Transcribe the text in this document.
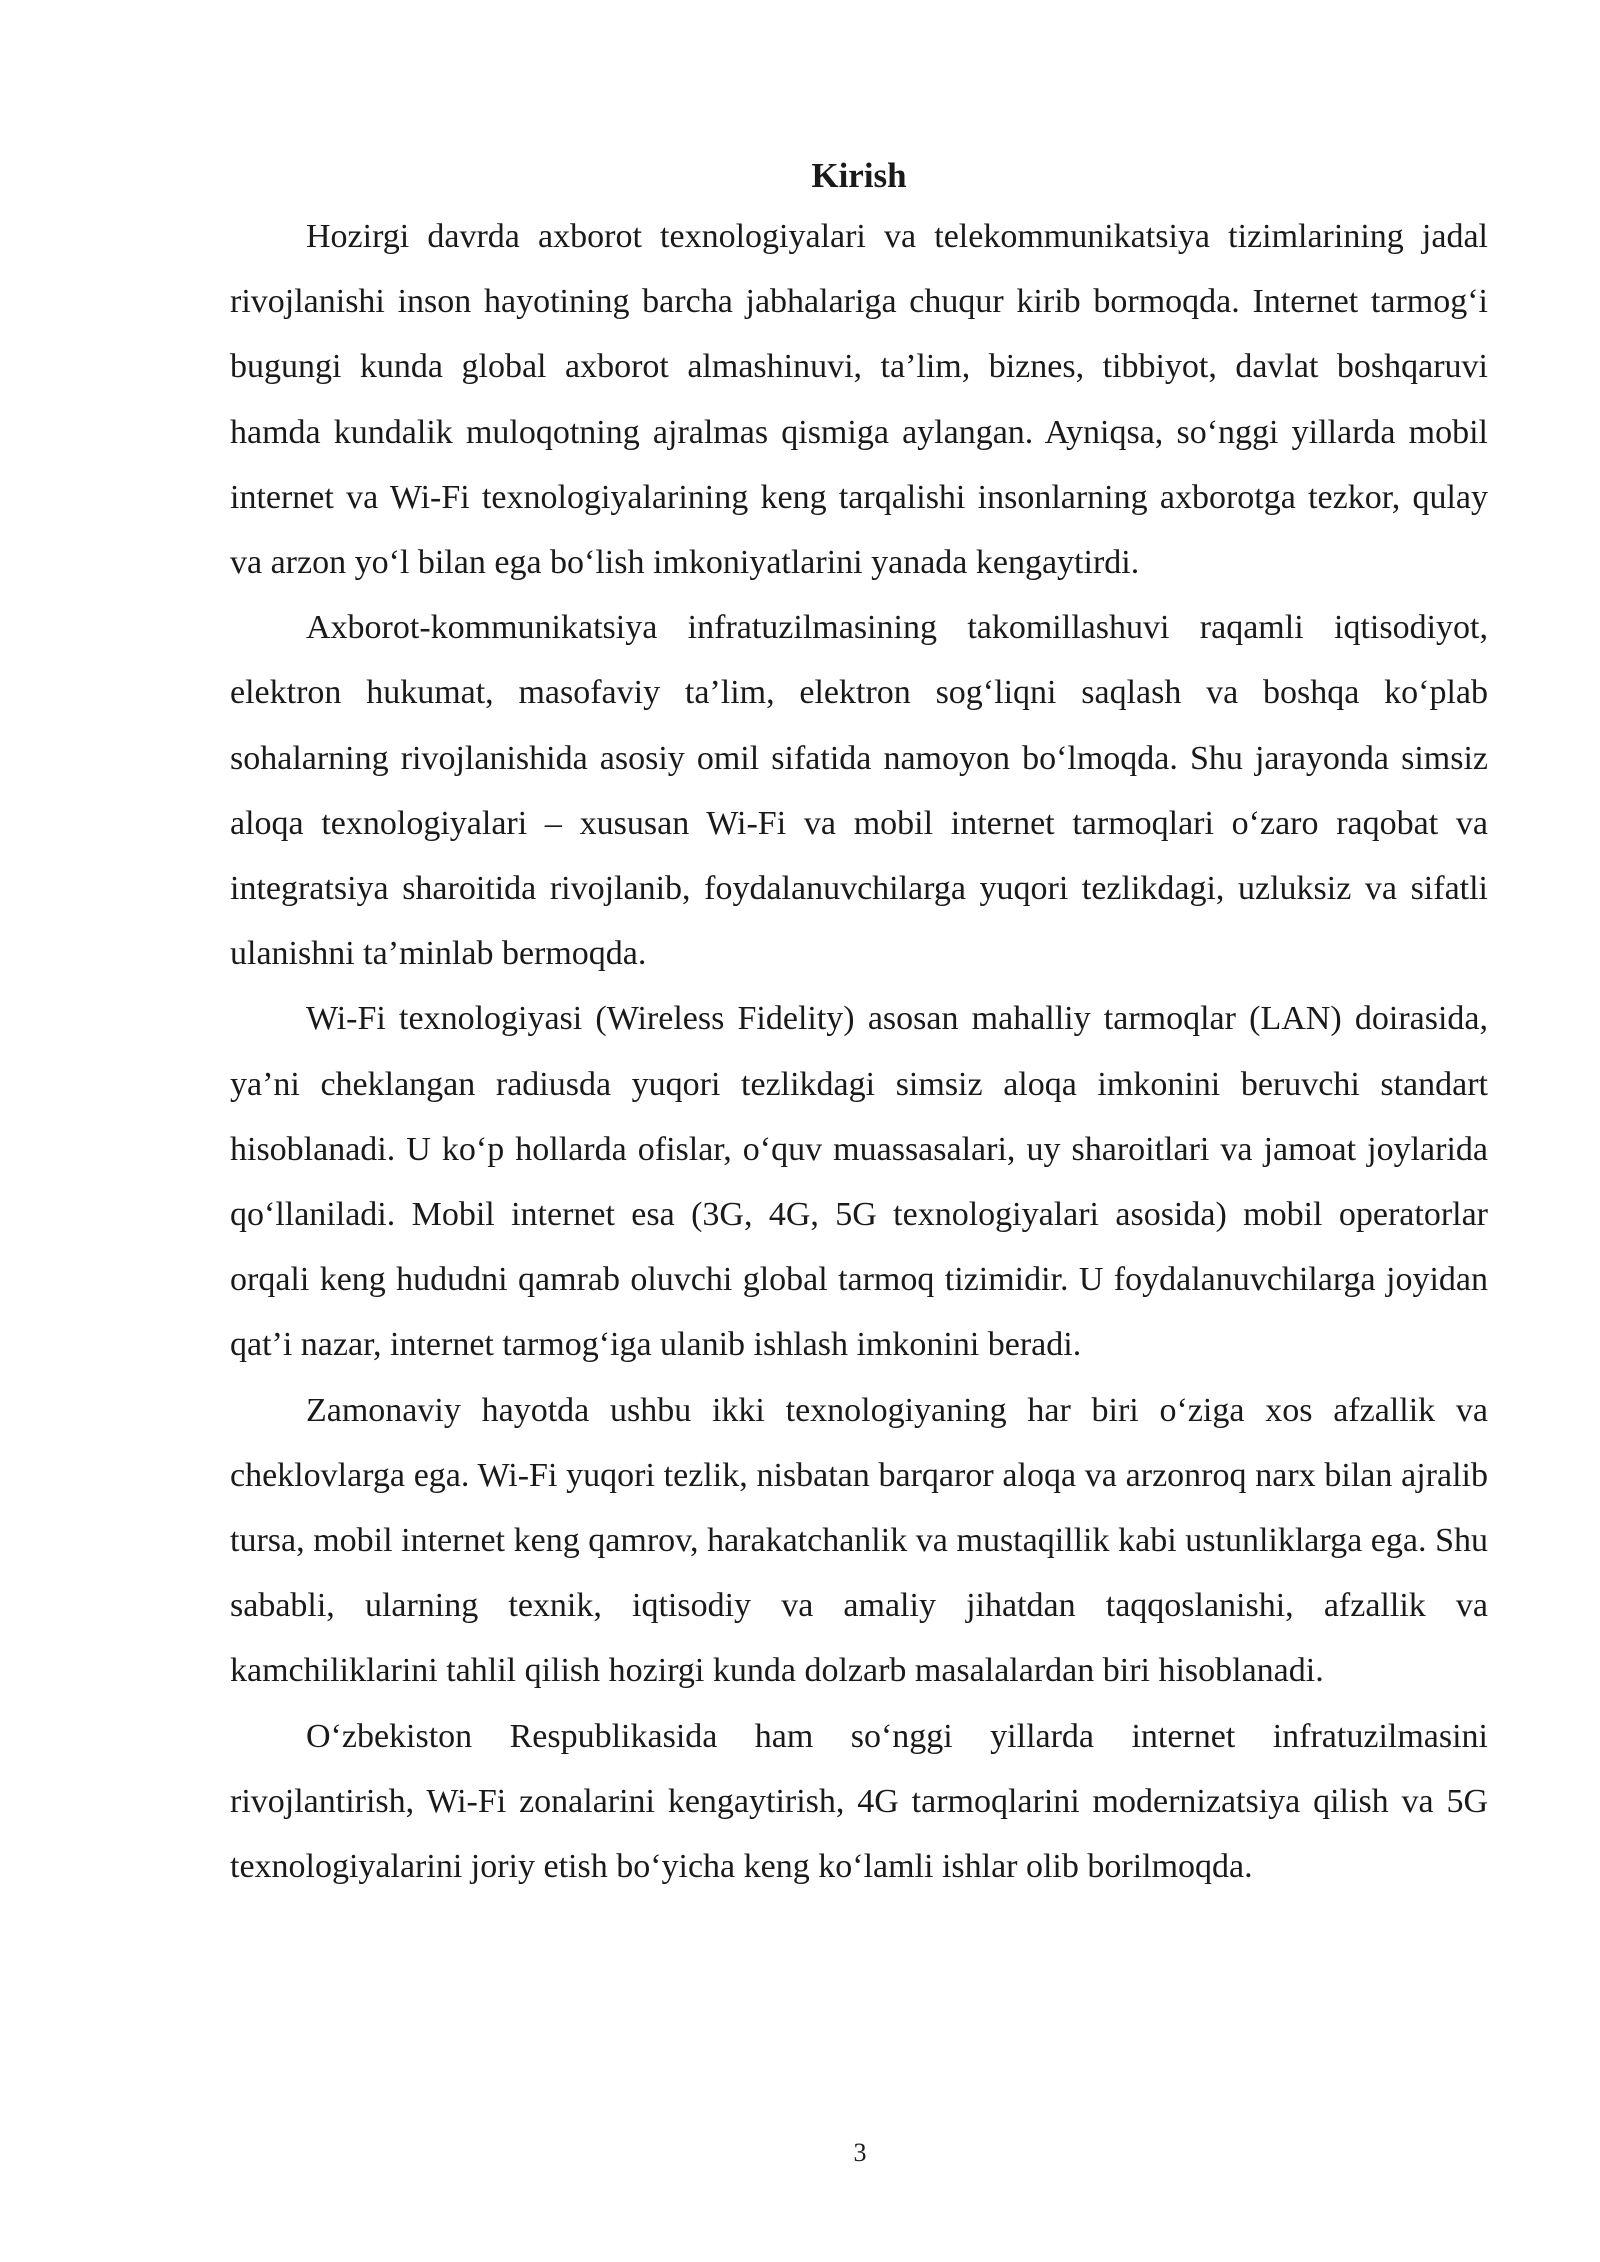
Kirish

Hozirgi davrda axborot texnologiyalari va telekommunikatsiya tizimlarining jadal rivojlanishi inson hayotining barcha jabhalariga chuqur kirib bormoqda. Internet tarmog‘i bugungi kunda global axborot almashinuvi, ta’lim, biznes, tibbiyot, davlat boshqaruvi hamda kundalik muloqotning ajralmas qismiga aylangan. Ayniqsa, so‘nggi yillarda mobil internet va Wi-Fi texnologiyalarining keng tarqalishi insonlarning axborotga tezkor, qulay va arzon yo‘l bilan ega bo‘lish imkoniyatlarini yanada kengaytirdi.

Axborot-kommunikatsiya infratuzilmasining takomillashuvi raqamli iqtisodiyot, elektron hukumat, masofaviy ta’lim, elektron sog‘liqni saqlash va boshqa ko‘plab sohalarning rivojlanishida asosiy omil sifatida namoyon bo‘lmoqda. Shu jarayonda simsiz aloqa texnologiyalari – xususan Wi-Fi va mobil internet tarmoqlari o‘zaro raqobat va integratsiya sharoitida rivojlanib, foydalanuvchilarga yuqori tezlikdagi, uzluksiz va sifatli ulanishni ta’minlab bermoqda.

Wi-Fi texnologiyasi (Wireless Fidelity) asosan mahalliy tarmoqlar (LAN) doirasida, ya’ni cheklangan radiusda yuqori tezlikdagi simsiz aloqa imkonini beruvchi standart hisoblanadi. U ko‘p hollarda ofislar, o‘quv muassasalari, uy sharoitlari va jamoat joylarida qo‘llaniladi. Mobil internet esa (3G, 4G, 5G texnologiyalari asosida) mobil operatorlar orqali keng hududni qamrab oluvchi global tarmoq tizimidir. U foydalanuvchilarga joyidan qat’i nazar, internet tarmog‘iga ulanib ishlash imkonini beradi.

Zamonaviy hayotda ushbu ikki texnologiyaning har biri o‘ziga xos afzallik va cheklovlarga ega. Wi-Fi yuqori tezlik, nisbatan barqaror aloqa va arzonroq narx bilan ajralib tursa, mobil internet keng qamrov, harakatchanlik va mustaqillik kabi ustunliklarga ega. Shu sababli, ularning texnik, iqtisodiy va amaliy jihatdan taqqoslanishi, afzallik va kamchiliklarini tahlil qilish hozirgi kunda dolzarb masalalardan biri hisoblanadi.

O‘zbekiston Respublikasida ham so‘nggi yillarda internet infratuzilmasini rivojlantirish, Wi-Fi zonalarini kengaytirish, 4G tarmoqlarini modernizatsiya qilish va 5G texnologiyalarini joriy etish bo‘yicha keng ko‘lamli ishlar olib borilmoqda.

3
